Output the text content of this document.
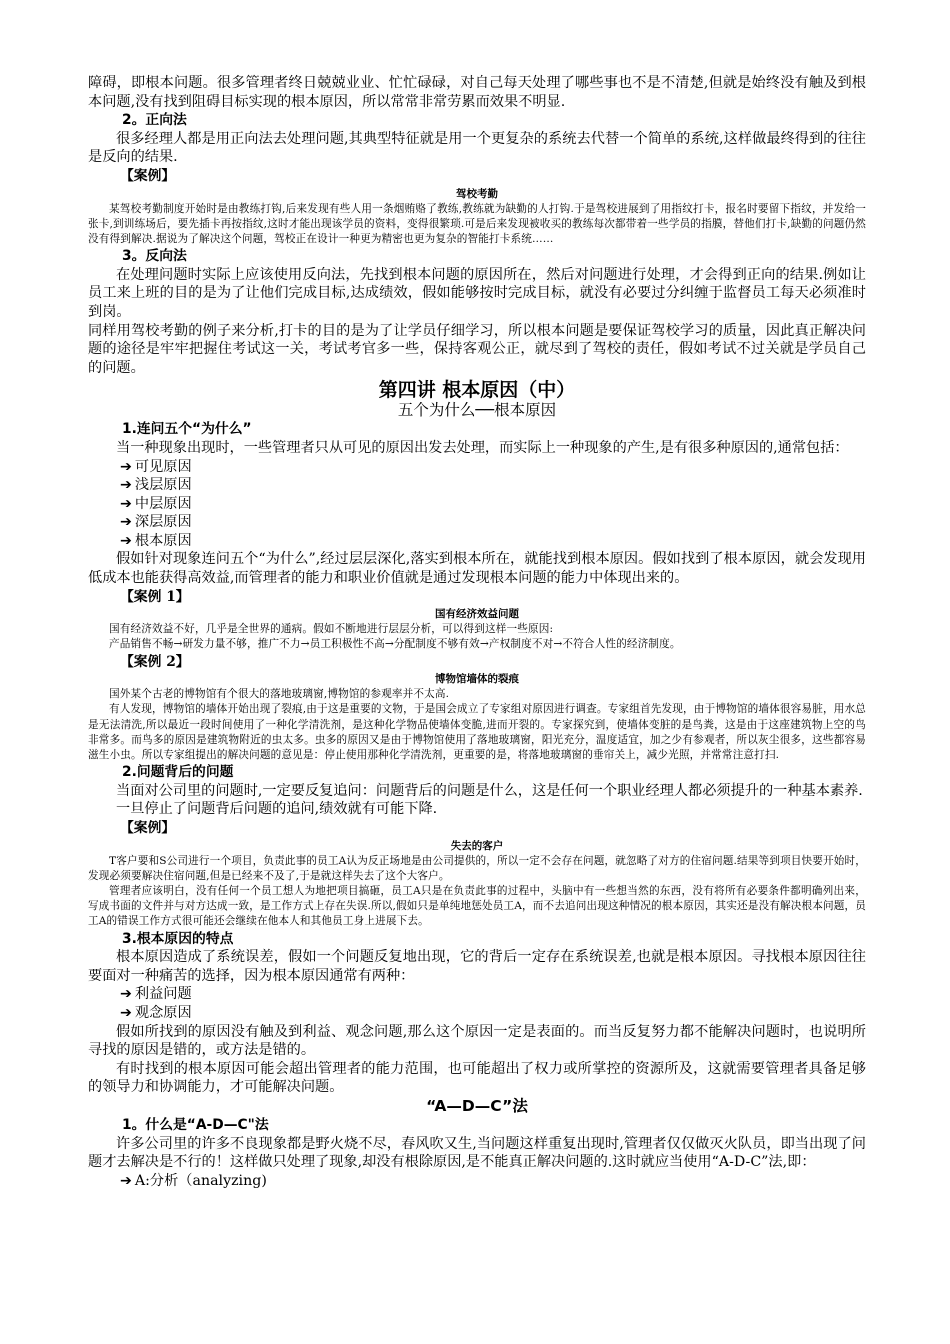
障碍，即根本问题。很多管理者终日兢兢业业、忙忙碌碌，对自己每天处理了哪些事也不是不清楚,但就是始终没有触及到根本问题,没有找到阻碍目标实现的根本原因，所以常常非常劳累而效果不明显.

2。正向法

很多经理人都是用正向法去处理问题,其典型特征就是用一个更复杂的系统去代替一个简单的系统,这样做最终得到的往往是反向的结果.

【案例】

驾校考勤

某驾校考勤制度开始时是由教练打钩,后来发现有些人用一条烟贿赂了教练,教练就为缺勤的人打钩.于是驾校进展到了用指纹打卡，报名时要留下指纹，并发给一张卡,到训练场后，要先插卡再按指纹,这时才能出现该学员的资料，变得很繁琐.可是后来发现被收买的教练每次都带着一些学员的指膜，替他们打卡,缺勤的问题仍然没有得到解决.据说为了解决这个问题，驾校正在设计一种更为精密也更为复杂的智能打卡系统……

3。反向法

在处理问题时实际上应该使用反向法，先找到根本问题的原因所在，然后对问题进行处理，才会得到正向的结果.例如让员工来上班的目的是为了让他们完成目标,达成绩效，假如能够按时完成目标，就没有必要过分纠缠于监督员工每天必须准时到岗。

同样用驾校考勤的例子来分析,打卡的目的是为了让学员仔细学习，所以根本问题是要保证驾校学习的质量，因此真正解决问题的途径是牢牢把握住考试这一关，考试考官多一些，保持客观公正，就尽到了驾校的责任，假如考试不过关就是学员自己的问题。

第四讲 根本原因（中）

五个为什么──根本原因

1.连问五个“为什么”

当一种现象出现时，一些管理者只从可见的原因出发去处理，而实际上一种现象的产生,是有很多种原因的,通常包括：

➔ 可见原因

➔ 浅层原因

➔ 中层原因

➔ 深层原因

➔ 根本原因

假如针对现象连问五个“为什么”,经过层层深化,落实到根本所在，就能找到根本原因。假如找到了根本原因，就会发现用低成本也能获得高效益,而管理者的能力和职业价值就是通过发现根本问题的能力中体现出来的。

【案例 1】

国有经济效益问题

国有经济效益不好，几乎是全世界的通病。假如不断地进行层层分析，可以得到这样一些原因:

产品销售不畅→研发力量不够，推广不力→员工积极性不高→分配制度不够有效→产权制度不对→不符合人性的经济制度。

【案例 2】

博物馆墙体的裂痕

国外某个古老的博物馆有个很大的落地玻璃窗,博物馆的参观率并不太高.

有人发现，博物馆的墙体开始出现了裂痕,由于这是重要的文物，于是国会成立了专家组对原因进行调查。专家组首先发现，由于博物馆的墙体很容易脏，用水总是无法清洗,所以最近一段时间使用了一种化学清洗剂，是这种化学物品使墙体变脆,进而开裂的。专家探究到，使墙体变脏的是鸟粪，这是由于这座建筑物上空的鸟非常多。而鸟多的原因是建筑物附近的虫太多。虫多的原因又是由于博物馆使用了落地玻璃窗，阳光充分，温度适宜，加之少有参观者，所以灰尘很多，这些都容易滋生小虫。所以专家组提出的解决问题的意见是：停止使用那种化学清洗剂，更重要的是，将落地玻璃窗的垂帘关上，减少光照，并常常注意打扫.

2.问题背后的问题

当面对公司里的问题时,一定要反复追问：问题背后的问题是什么，这是任何一个职业经理人都必须提升的一种基本素养.

一旦停止了问题背后问题的追问,绩效就有可能下降.

【案例】

失去的客户

T客户要和S公司进行一个项目，负责此事的员工A认为反正场地是由公司提供的，所以一定不会存在问题，就忽略了对方的住宿问题.结果等到项目快要开始时，发现必须要解决住宿问题,但是已经来不及了,于是就这样失去了这个大客户。

管理者应该明白，没有任何一个员工想人为地把项目搞砸，员工A只是在负责此事的过程中，头脑中有一些想当然的东西，没有将所有必要条件都明确列出来，写成书面的文件并与对方达成一致，是工作方式上存在失误.所以,假如只是单纯地惩处员工A，而不去追问出现这种情况的根本原因，其实还是没有解决根本问题，员工A的错误工作方式很可能还会继续在他本人和其他员工身上进展下去。

3.根本原因的特点

根本原因造成了系统误差，假如一个问题反复地出现，它的背后一定存在系统误差,也就是根本原因。寻找根本原因往往要面对一种痛苦的选择，因为根本原因通常有两种：

➔ 利益问题

➔ 观念原因

假如所找到的原因没有触及到利益、观念问题,那么这个原因一定是表面的。而当反复努力都不能解决问题时，也说明所寻找的原因是错的，或方法是错的。

有时找到的根本原因可能会超出管理者的能力范围，也可能超出了权力或所掌控的资源所及，这就需要管理者具备足够的领导力和协调能力，才可能解决问题。

“A—D—C”法

1。什么是“A-D—C"法

许多公司里的许多不良现象都是野火烧不尽，春风吹又生,当问题这样重复出现时,管理者仅仅做灭火队员，即当出现了问题才去解决是不行的！这样做只处理了现象,却没有根除原因,是不能真正解决问题的.这时就应当使用“A-D-C”法,即：

➔ A:分析（analyzing)
